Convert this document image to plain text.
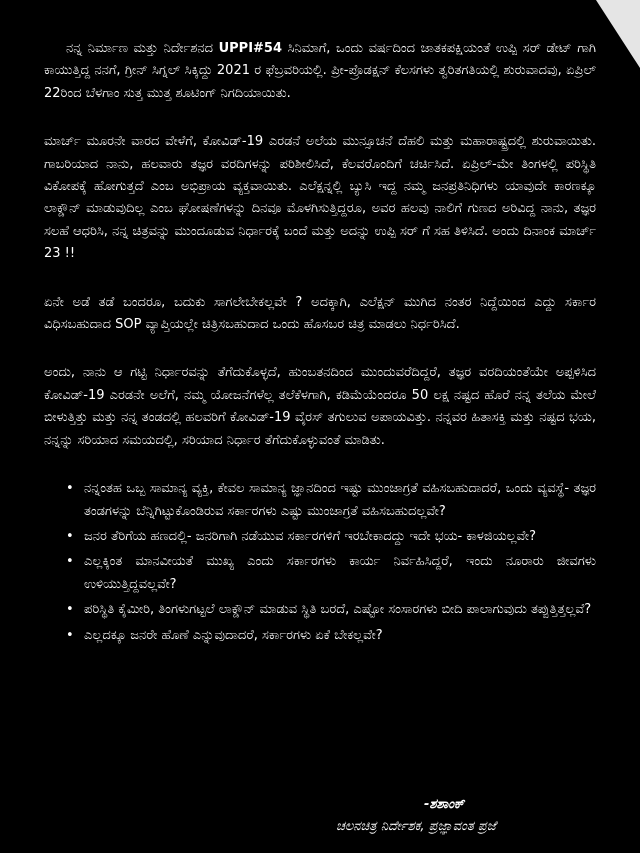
ನನ್ನ ನಿರ್ಮಾಣ ಮತ್ತು ನಿರ್ದೇಶನದ UPPI#54 ಸಿನಿಮಾಗೆ, ಒಂದು ವರ್ಷದಿಂದ ಜಾತಕಪಕ್ಷಿಯಂತೆ ಉಪ್ಪಿ ಸರ್ ಡೇಟ್ ಗಾಗಿ ಕಾಯುತ್ತಿದ್ದ ನನಗೆ, ಗ್ರೀನ್ ಸಿಗ್ನಲ್ ಸಿಕ್ಕಿದ್ದು 2021 ರ ಫೆಬ್ರವರಿಯಲ್ಲಿ. ಪ್ರೀ-ಪ್ರೊಡಕ್ಷನ್ ಕೆಲಸಗಳು ತ್ವರಿತಗತಿಯಲ್ಲಿ ಶುರುವಾದವು, ಏಪ್ರಿಲ್ 22ರಿಂದ ಬೆಳಗಾಂ ಸುತ್ತ ಮುತ್ತ ಶೂಟಿಂಗ್ ನಿಗದಿಯಾಯಿತು.

ಮಾರ್ಚ್ ಮೂರನೇ ವಾರದ ವೇಳೆಗೆ, ಕೋವಿಡ್-19 ಎರಡನೆ ಅಲೆಯ ಮುನ್ಸೂಚನೆ ದೆಹಲಿ ಮತ್ತು ಮಹಾರಾಷ್ಟ್ರದಲ್ಲಿ ಶುರುವಾಯಿತು. ಗಾಬರಿಯಾದ ನಾನು, ಹಲವಾರು ತಜ್ಞರ ವರದಿಗಳನ್ನು ಪರಿಶೀಲಿಸಿದೆ, ಕೆಲವರೊಂದಿಗೆ ಚರ್ಚಿಸಿದೆ. ಏಪ್ರಿಲ್-ಮೇ ತಿಂಗಳಲ್ಲಿ ಪರಿಸ್ಥಿತಿ ವಿಕೋಪಕ್ಕೆ ಹೋಗುತ್ತದೆ ಎಂಬ ಅಭಿಪ್ರಾಯ ವ್ಯಕ್ತವಾಯಿತು. ಎಲೆಕ್ಷನ್ನಲ್ಲಿ ಬ್ಯುಸಿ ಇದ್ದ ನಮ್ಮ ಜನಪ್ರತಿನಿಧಿಗಳು ಯಾವುದೇ ಕಾರಣಕ್ಕೂ ಲಾಕ್ಡೌನ್ ಮಾಡುವುದಿಲ್ಲ ಎಂಬ ಘೋಷಣೆಗಳನ್ನು ದಿನವೂ ಮೊಳಗಿಸುತ್ತಿದ್ದರೂ, ಅವರ ಹಲವು ನಾಲಿಗೆ ಗುಣದ ಅರಿವಿದ್ದ ನಾನು, ತಜ್ಞರ ಸಲಹೆ ಆಧರಿಸಿ, ನನ್ನ ಚಿತ್ರವನ್ನು ಮುಂದೂಡುವ ನಿರ್ಧಾರಕ್ಕೆ ಬಂದೆ ಮತ್ತು ಅದನ್ನು ಉಪ್ಪಿ ಸರ್ ಗೆ ಸಹ ತಿಳಿಸಿದೆ. ಅಂದು ದಿನಾಂಕ ಮಾರ್ಚ್ 23 !!

ಏನೇ ಅಡೆ ತಡೆ ಬಂದರೂ, ಬದುಕು ಸಾಗಲೇಬೇಕಲ್ಲವೇ ? ಅದಕ್ಕಾಗಿ, ಎಲೆಕ್ಷನ್ ಮುಗಿದ ನಂತರ ನಿದ್ದೆಯಿಂದ ಎದ್ದು ಸರ್ಕಾರ ವಿಧಿಸಬಹುದಾದ SOP ವ್ಯಾಪ್ತಿಯಲ್ಲೇ ಚಿತ್ರಿಸಬಹುದಾದ ಒಂದು ಹೊಸಬರ ಚಿತ್ರ ಮಾಡಲು ನಿರ್ಧರಿಸಿದೆ.

ಅಂದು, ನಾನು ಆ ಗಟ್ಟಿ ನಿರ್ಧಾರವನ್ನು ತೆಗೆದುಕೊಳ್ಳದೆ, ಹುಂಬತನದಿಂದ ಮುಂದುವರೆದಿದ್ದರೆ, ತಜ್ಞರ ವರದಿಯಂತೆಯೇ ಅಪ್ಪಳಿಸಿದ ಕೋವಿಡ್-19 ಎರಡನೇ ಅಲೆಗೆ, ನಮ್ಮ ಯೋಜನೆಗಳೆಲ್ಲ ತಲೆಕೆಳಗಾಗಿ, ಕಡಿಮೆಯೆಂದರೂ 50 ಲಕ್ಷ ನಷ್ಟದ ಹೊರೆ ನನ್ನ ತಲೆಯ ಮೇಲೆ ಬೀಳುತ್ತಿತ್ತು ಮತ್ತು ನನ್ನ ತಂಡದಲ್ಲಿ ಹಲವರಿಗೆ ಕೋವಿಡ್-19 ವೈರಸ್ ತಗುಲುವ ಅಪಾಯವಿತ್ತು. ನನ್ನವರ ಹಿತಾಸಕ್ತಿ ಮತ್ತು ನಷ್ಟದ ಭಯ, ನನ್ನನ್ನು ಸರಿಯಾದ ಸಮಯದಲ್ಲಿ, ಸರಿಯಾದ ನಿರ್ಧಾರ ತೆಗೆದುಕೊಳ್ಳುವಂತೆ ಮಾಡಿತು.

• ನನ್ನಂತಹ ಒಬ್ಬ ಸಾಮಾನ್ಯ ವ್ಯಕ್ತಿ, ಕೇವಲ ಸಾಮಾನ್ಯ ಜ್ಞಾನದಿಂದ ಇಷ್ಟು ಮುಂಜಾಗ್ರತೆ ವಹಿಸಬಹುದಾದರೆ, ಒಂದು ವ್ಯವಸ್ಥೆ- ತಜ್ಞರ ತಂಡಗಳನ್ನು ಬೆನ್ನಿಗಿಟ್ಟುಕೊಂಡಿರುವ ಸರ್ಕಾರಗಳು ಎಷ್ಟು ಮುಂಜಾಗ್ರತೆ ವಹಿಸಬಹುದಲ್ಲವೇ?
• ಜನರ ತೆರಿಗೆಯ ಹಣದಲ್ಲಿ- ಜನರಿಗಾಗಿ ನಡೆಯುವ ಸರ್ಕಾರಗಳಿಗೆ ಇರಬೇಕಾದದ್ದು ಇದೇ ಭಯ- ಕಾಳಜಿಯಲ್ಲವೇ?
• ಎಲ್ಲಕ್ಕಿಂತ ಮಾನವೀಯತೆ ಮುಖ್ಯ ಎಂದು ಸರ್ಕಾರಗಳು ಕಾರ್ಯ ನಿರ್ವಹಿಸಿದ್ದರೆ, ಇಂದು ನೂರಾರು ಜೀವಗಳು ಉಳಿಯುತ್ತಿದ್ದವಲ್ಲವೇ?
• ಪರಿಸ್ಥಿತಿ ಕೈಮೀರಿ, ತಿಂಗಳುಗಟ್ಟಲೆ ಲಾಕ್ಡೌನ್ ಮಾಡುವ ಸ್ಥಿತಿ ಬರದೆ, ಎಷ್ಟೋ ಸಂಸಾರಗಳು ಬೀದಿ ಪಾಲಾಗುವುದು ತಪ್ಪುತ್ತಿತ್ತಲ್ಲವೆ?
• ಎಲ್ಲದಕ್ಕೂ ಜನರೇ ಹೊಣೆ ಎನ್ನುವುದಾದರೆ, ಸರ್ಕಾರಗಳು ಏಕೆ ಬೇಕಲ್ಲವೇ?
-ಶಶಾಂಕ್
ಚಲನಚಿತ್ರ ನಿರ್ದೇಶಕ, ಪ್ರಜ್ಞಾವಂತ ಪ್ರಜೆ
